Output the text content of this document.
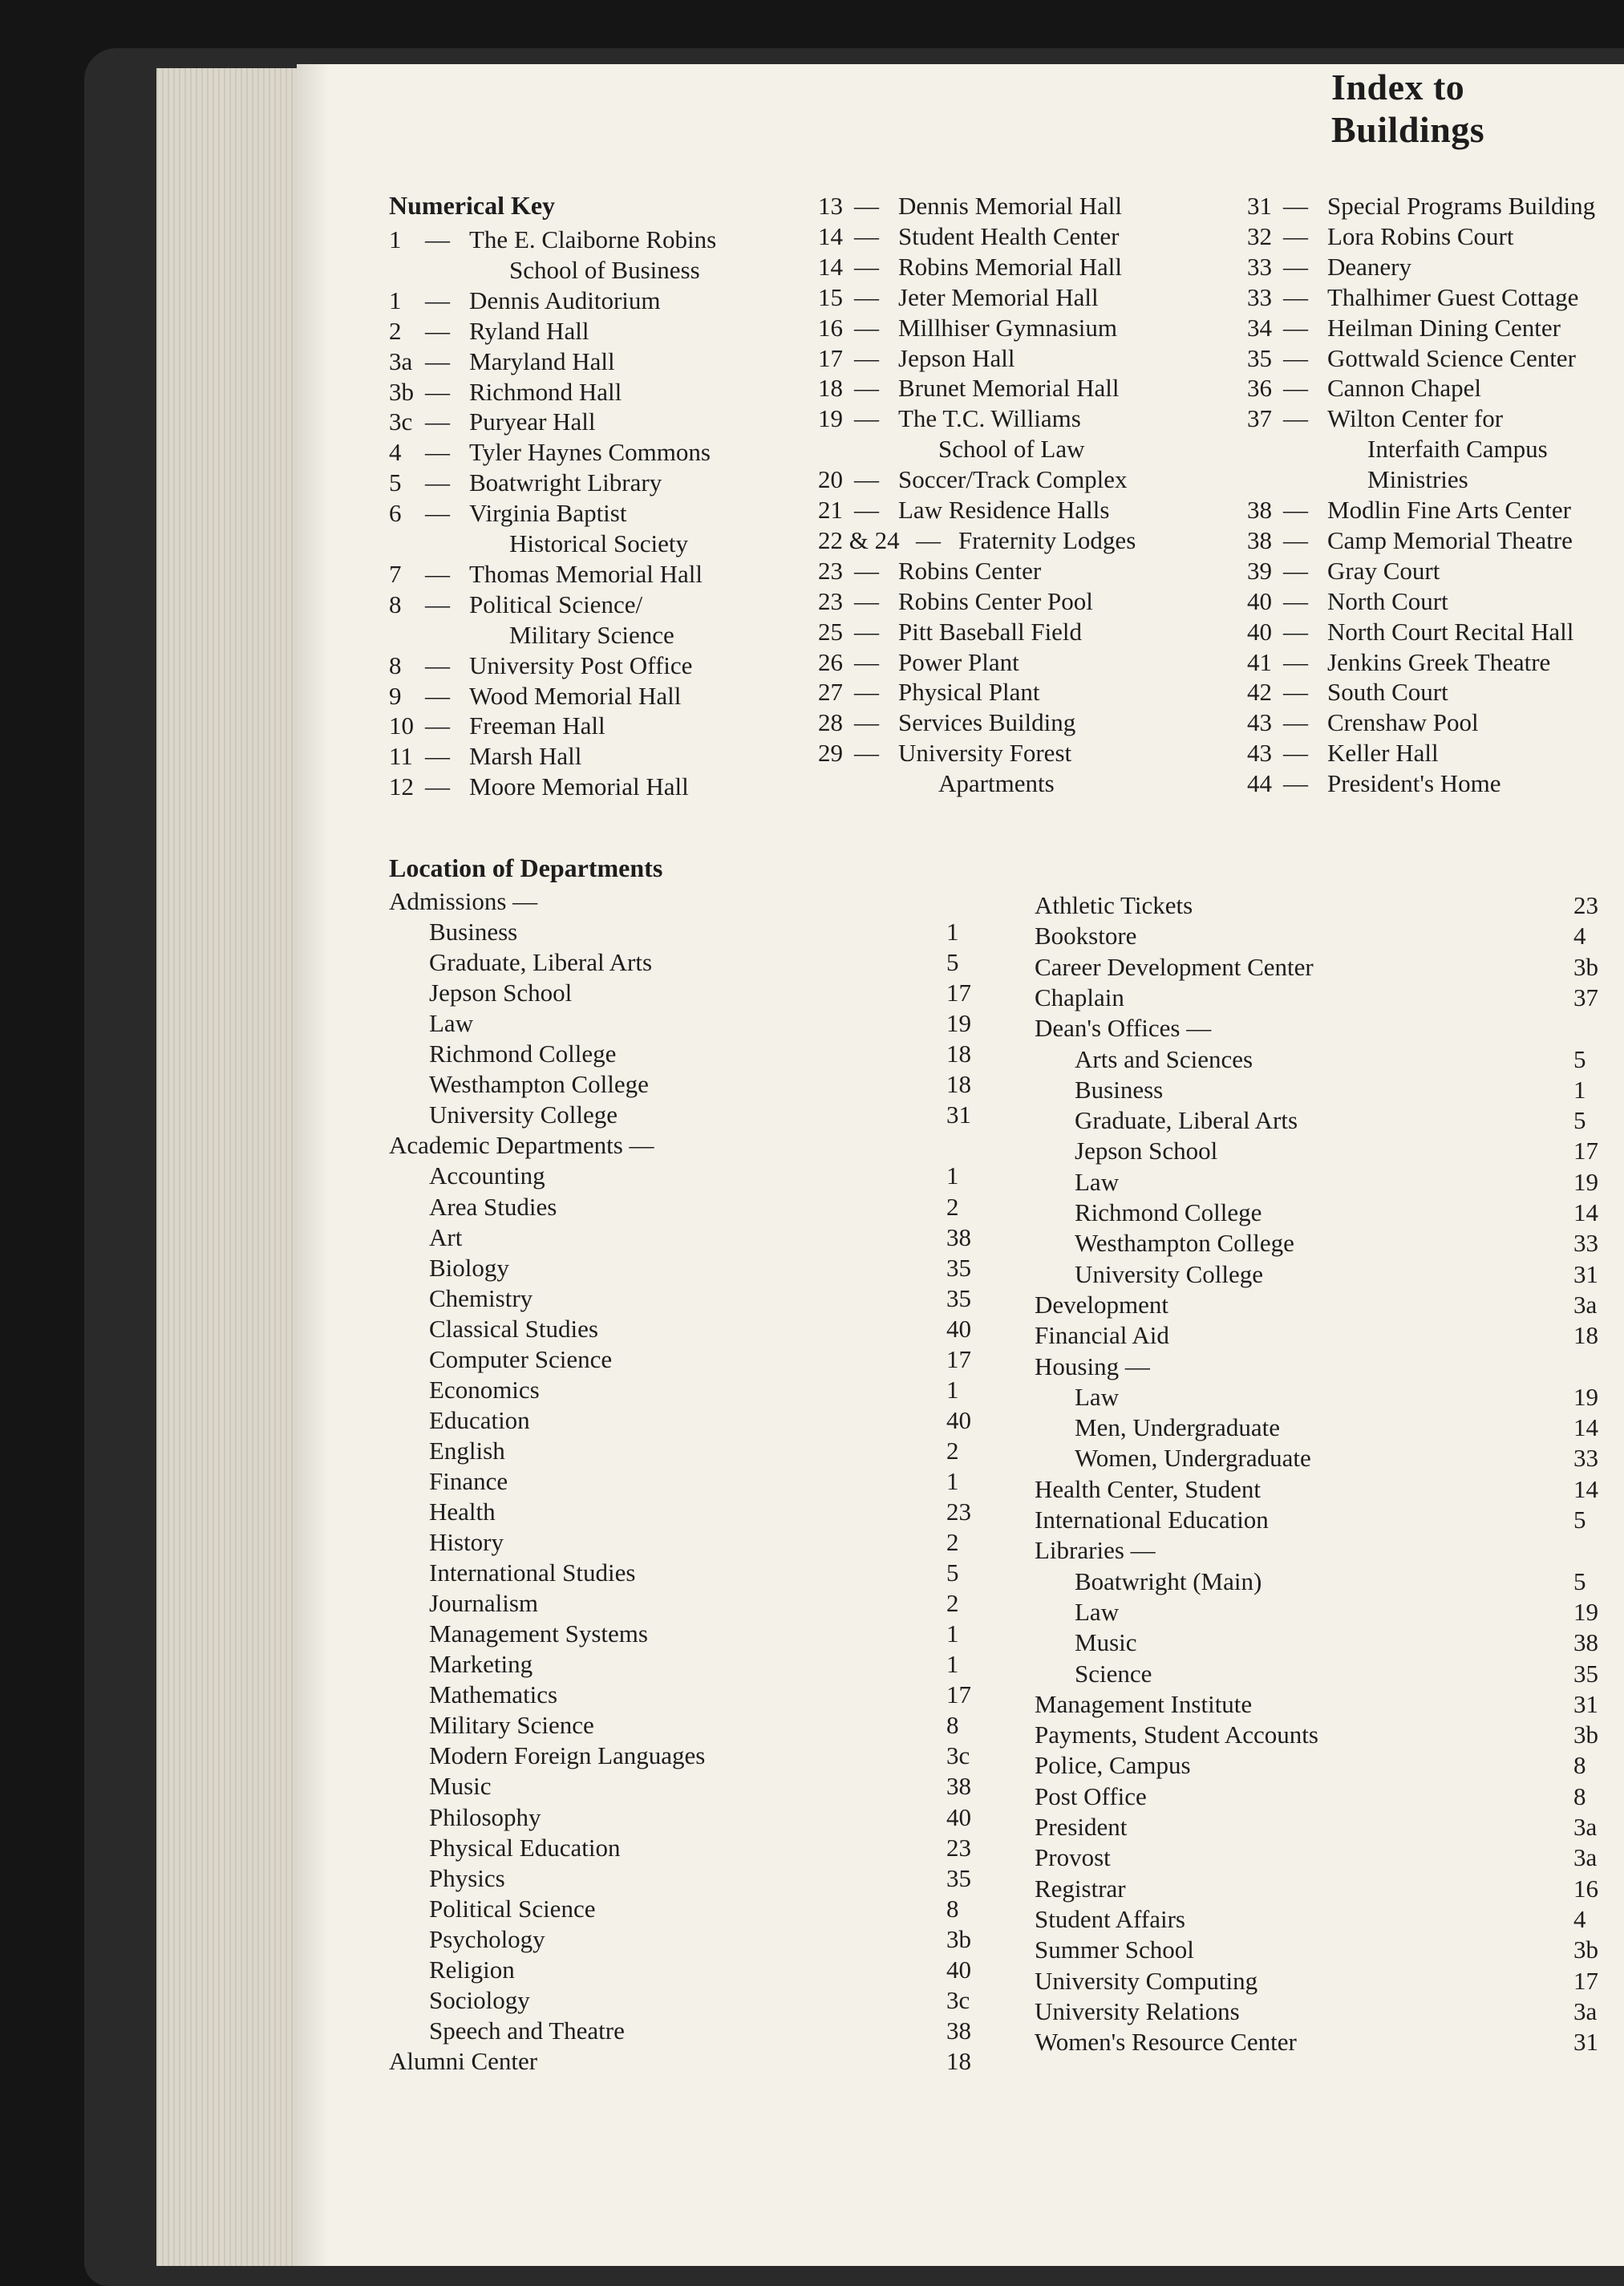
Index to Buildings
Numerical Key
1 — The E. Claiborne Robins
School of Business
1 — Dennis Auditorium
2 — Ryland Hall
3a — Maryland Hall
3b — Richmond Hall
3c — Puryear Hall
4 — Tyler Haynes Commons
5 — Boatwright Library
6 — Virginia Baptist
Historical Society
7 — Thomas Memorial Hall
8 — Political Science/
Military Science
8 — University Post Office
9 — Wood Memorial Hall
10 — Freeman Hall
11 — Marsh Hall
12 — Moore Memorial Hall
13 — Dennis Memorial Hall
14 — Student Health Center
14 — Robins Memorial Hall
15 — Jeter Memorial Hall
16 — Millhiser Gymnasium
17 — Jepson Hall
18 — Brunet Memorial Hall
19 — The T.C. Williams
School of Law
20 — Soccer/Track Complex
21 — Law Residence Halls
22 & 24 — Fraternity Lodges
23 — Robins Center
23 — Robins Center Pool
25 — Pitt Baseball Field
26 — Power Plant
27 — Physical Plant
28 — Services Building
29 — University Forest
Apartments
31 — Special Programs Building
32 — Lora Robins Court
33 — Deanery
33 — Thalhimer Guest Cottage
34 — Heilman Dining Center
35 — Gottwald Science Center
36 — Cannon Chapel
37 — Wilton Center for
Interfaith Campus
Ministries
38 — Modlin Fine Arts Center
38 — Camp Memorial Theatre
39 — Gray Court
40 — North Court
40 — North Court Recital Hall
41 — Jenkins Greek Theatre
42 — South Court
43 — Crenshaw Pool
43 — Keller Hall
44 — President's Home
Location of Departments
Admissions —
Business	1
Graduate, Liberal Arts	5
Jepson School	17
Law	19
Richmond College	18
Westhampton College	18
University College	31
Academic Departments —
Accounting	1
Area Studies	2
Art	38
Biology	35
Chemistry	35
Classical Studies	40
Computer Science	17
Economics	1
Education	40
English	2
Finance	1
Health	23
History	2
International Studies	5
Journalism	2
Management Systems	1
Marketing	1
Mathematics	17
Military Science	8
Modern Foreign Languages	3c
Music	38
Philosophy	40
Physical Education	23
Physics	35
Political Science	8
Psychology	3b
Religion	40
Sociology	3c
Speech and Theatre	38
Alumni Center	18
Athletic Tickets	23
Bookstore	4
Career Development Center	3b
Chaplain	37
Dean's Offices —
Arts and Sciences	5
Business	1
Graduate, Liberal Arts	5
Jepson School	17
Law	19
Richmond College	14
Westhampton College	33
University College	31
Development	3a
Financial Aid	18
Housing —
Law	19
Men, Undergraduate	14
Women, Undergraduate	33
Health Center, Student	14
International Education	5
Libraries —
Boatwright (Main)	5
Law	19
Music	38
Science	35
Management Institute	31
Payments, Student Accounts	3b
Police, Campus	8
Post Office	8
President	3a
Provost	3a
Registrar	16
Student Affairs	4
Summer School	3b
University Computing	17
University Relations	3a
Women's Resource Center	31
